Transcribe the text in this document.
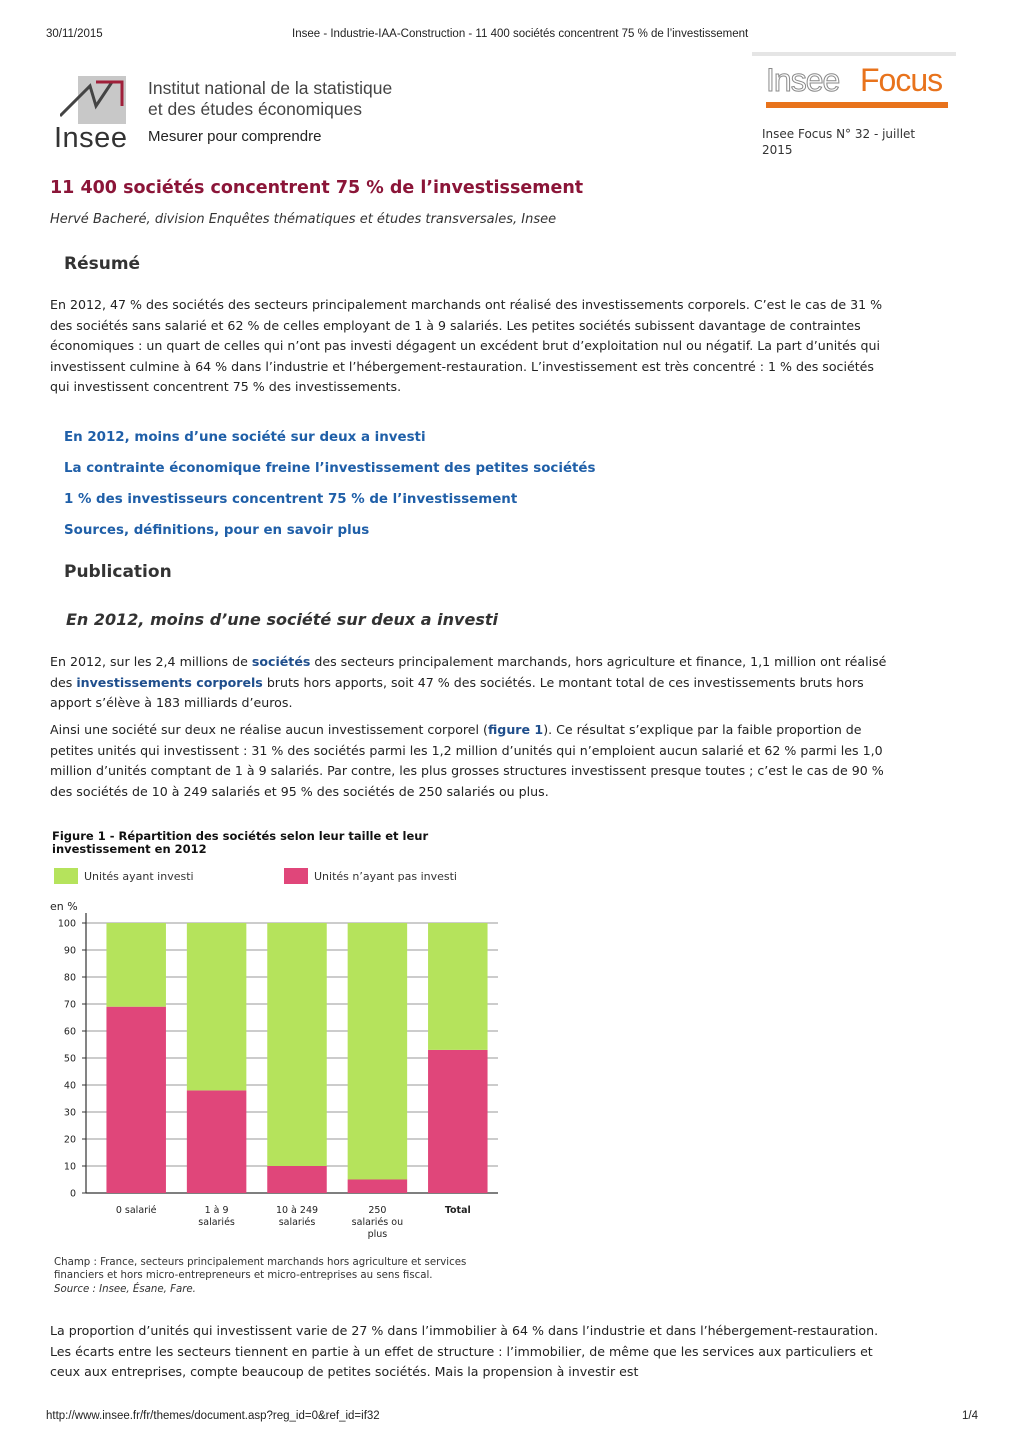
30/11/2015	Insee - Industrie-IAA-Construction - 11 400 sociétés concentrent 75 % de l’investissement
Insee
Institut national de la statistique
et des études économiques
Mesurer pour comprendre
Insee Focus
Insee Focus N° 32 - juillet 2015
11 400 sociétés concentrent 75 % de l’investissement
Hervé Bacheré, division Enquêtes thématiques et études transversales, Insee
Résumé

En 2012, 47 % des sociétés des secteurs principalement marchands ont réalisé des investissements corporels. C’est le cas de 31 % des sociétés sans salarié et 62 % de celles employant de 1 à 9 salariés. Les petites sociétés subissent davantage de contraintes économiques : un quart de celles qui n’ont pas investi dégagent un excédent brut d’exploitation nul ou négatif. La part d’unités qui investissent culmine à 64 % dans l’industrie et l’hébergement-restauration. L’investissement est très concentré : 1 % des sociétés qui investissent concentrent 75 % des investissements.

En 2012, moins d’une société sur deux a investi
La contrainte économique freine l’investissement des petites sociétés
1 % des investisseurs concentrent 75 % de l’investissement
Sources, définitions, pour en savoir plus
Publication
En 2012, moins d’une société sur deux a investi

En 2012, sur les 2,4 millions de sociétés des secteurs principalement marchands, hors agriculture et finance, 1,1 million ont réalisé des investissements corporels bruts hors apports, soit 47 % des sociétés. Le montant total de ces investissements bruts hors apport s’élève à 183 milliards d’euros.

Ainsi une société sur deux ne réalise aucun investissement corporel (figure 1). Ce résultat s’explique par la faible proportion de petites unités qui investissent : 31 % des sociétés parmi les 1,2 million d’unités qui n’emploient aucun salarié et 62 % parmi les 1,0 million d’unités comptant de 1 à 9 salariés. Par contre, les plus grosses structures investissent presque toutes ; c’est le cas de 90 % des sociétés de 10 à 249 salariés et 95 % des sociétés de 250 salariés ou plus.

Figure 1 - Répartition des sociétés selon leur taille et leur investissement en 2012
Unités ayant investi	Unités n’ayant pas investi
en %
0
10
20
30
40
50
60
70
80
90
100
0 salarié	1 à 9
salariés
10 à 249
salariés
250
salariés ou
plus
Total
Champ : France, secteurs principalement marchands hors agriculture et services financiers et hors micro-entrepreneurs et micro-entreprises au sens fiscal.
Source : Insee, Ésane, Fare.

La proportion d’unités qui investissent varie de 27 % dans l’immobilier à 64 % dans l’industrie et dans l’hébergement-restauration. Les écarts entre les secteurs tiennent en partie à un effet de structure : l’immobilier, de même que les services aux particuliers et ceux aux entreprises, compte beaucoup de petites sociétés. Mais la propension à investir est

http://www.insee.fr/fr/themes/document.asp?reg_id=0&ref_id=if32	1/4
